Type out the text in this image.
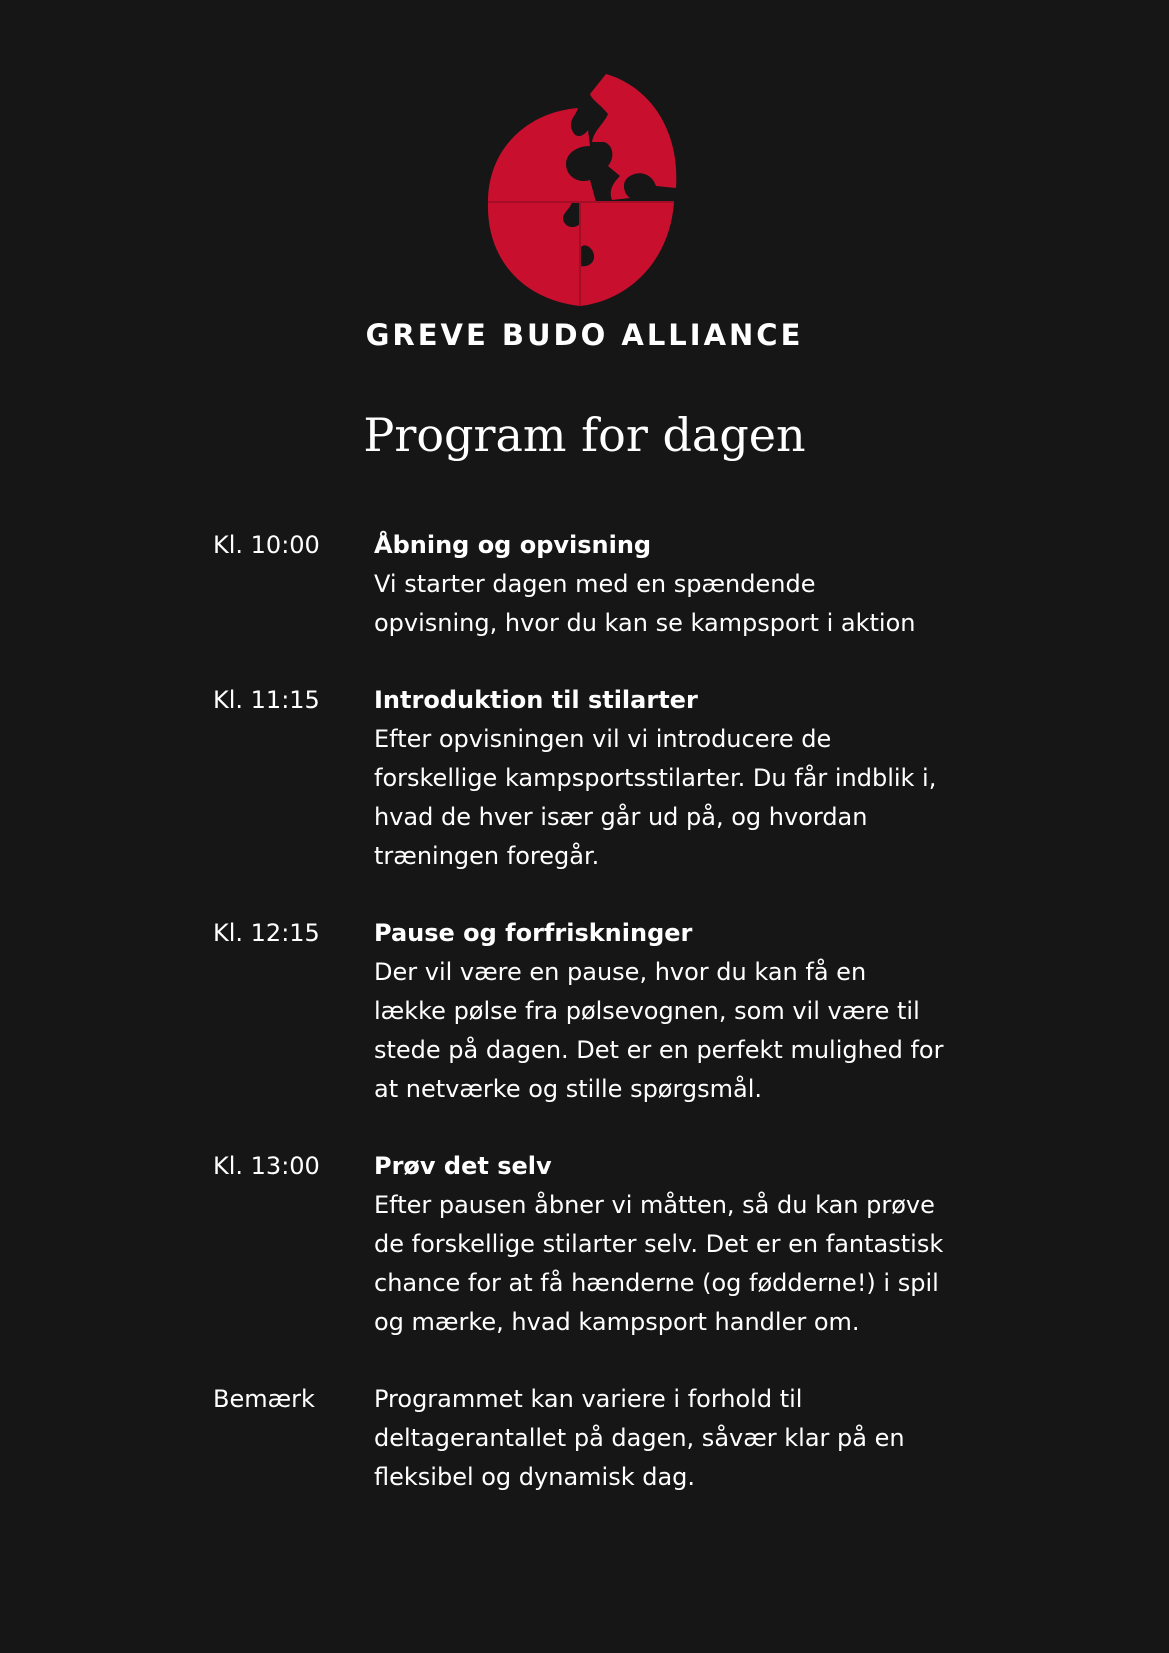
GREVE BUDO ALLIANCE
Program for dagen
Kl. 10:00	Åbning og opvisning
Vi starter dagen med en spændende opvisning, hvor du kan se kampsport i aktion
Kl. 11:15	Introduktion til stilarter
Efter opvisningen vil vi introducere de forskellige kampsportsstilarter. Du får indblik i, hvad de hver især går ud på, og hvordan træningen foregår.
Kl. 12:15	Pause og forfriskninger
Der vil være en pause, hvor du kan få en lække pølse fra pølsevognen, som vil være til stede på dagen. Det er en perfekt mulighed for at netværke og stille spørgsmål.
Kl. 13:00	Prøv det selv
Efter pausen åbner vi måtten, så du kan prøve de forskellige stilarter selv. Det er en fantastisk chance for at få hænderne (og fødderne!) i spil og mærke, hvad kampsport handler om.
Bemærk	Programmet kan variere i forhold til deltagerantallet på dagen, såvær klar på en fleksibel og dynamisk dag.
